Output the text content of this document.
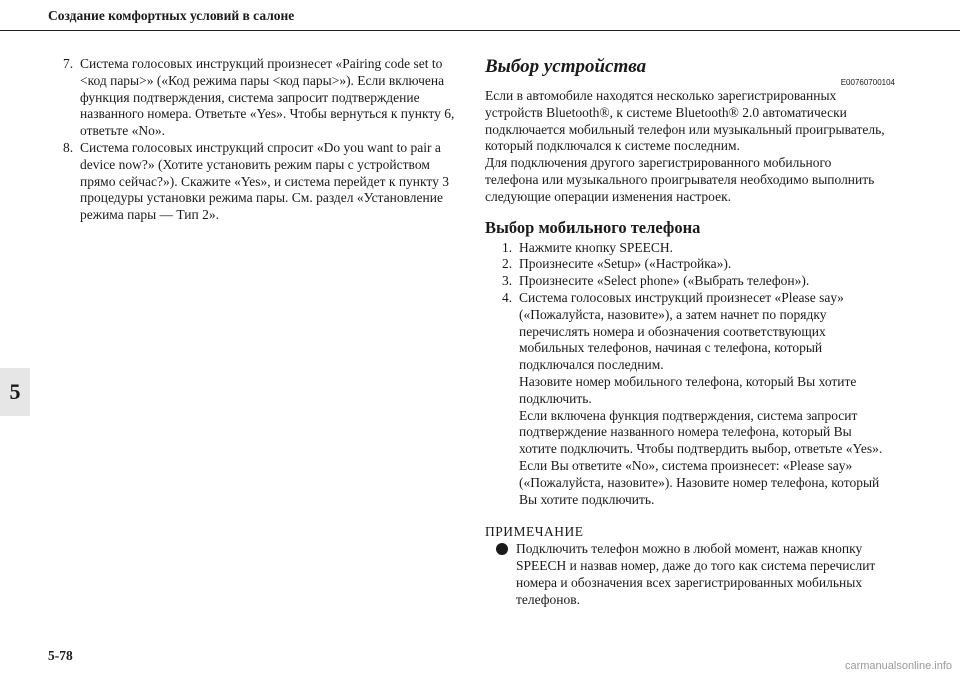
Создание комфортных условий в салоне
5
7. Система голосовых инструкций произнесет «Pairing code set to
<код пары>» («Код режима пары <код пары>»). Если включена
функция подтверждения, система запросит подтверждение
названного номера. Ответьте «Yes». Чтобы вернуться к пункту 6,
ответьте «No».
8. Система голосовых инструкций спросит «Do you want to pair a
device now?» (Хотите установить режим пары с устройством
прямо сейчас?»). Скажите «Yes», и система перейдет к пункту 3
процедуры установки режима пары. См. раздел «Установление
режима пары — Тип 2».
Выбор устройства
E00760700104
Если в автомобиле находятся несколько зарегистрированных
устройств Bluetooth®, к системе Bluetooth® 2.0 автоматически
подключается мобильный телефон или музыкальный проигрыватель,
который подключался к системе последним.
Для подключения другого зарегистрированного мобильного
телефона или музыкального проигрывателя необходимо выполнить
следующие операции изменения настроек.
Выбор мобильного телефона
1. Нажмите кнопку SPEECH.
2. Произнесите «Setup» («Настройка»).
3. Произнесите «Select phone» («Выбрать телефон»).
4. Система голосовых инструкций произнесет «Please say»
(«Пожалуйста, назовите»), а затем начнет по порядку
перечислять номера и обозначения соответствующих
мобильных телефонов, начиная с телефона, который
подключался последним.
Назовите номер мобильного телефона, который Вы хотите
подключить.
Если включена функция подтверждения, система запросит
подтверждение названного номера телефона, который Вы
хотите подключить. Чтобы подтвердить выбор, ответьте «Yes».
Если Вы ответите «No», система произнесет: «Please say»
(«Пожалуйста, назовите»). Назовите номер телефона, который
Вы хотите подключить.
ПРИМЕЧАНИЕ
Подключить телефон можно в любой момент, нажав кнопку
SPEECH и назвав номер, даже до того как система перечислит
номера и обозначения всех зарегистрированных мобильных
телефонов.
5-78
carmanualsonline.info
